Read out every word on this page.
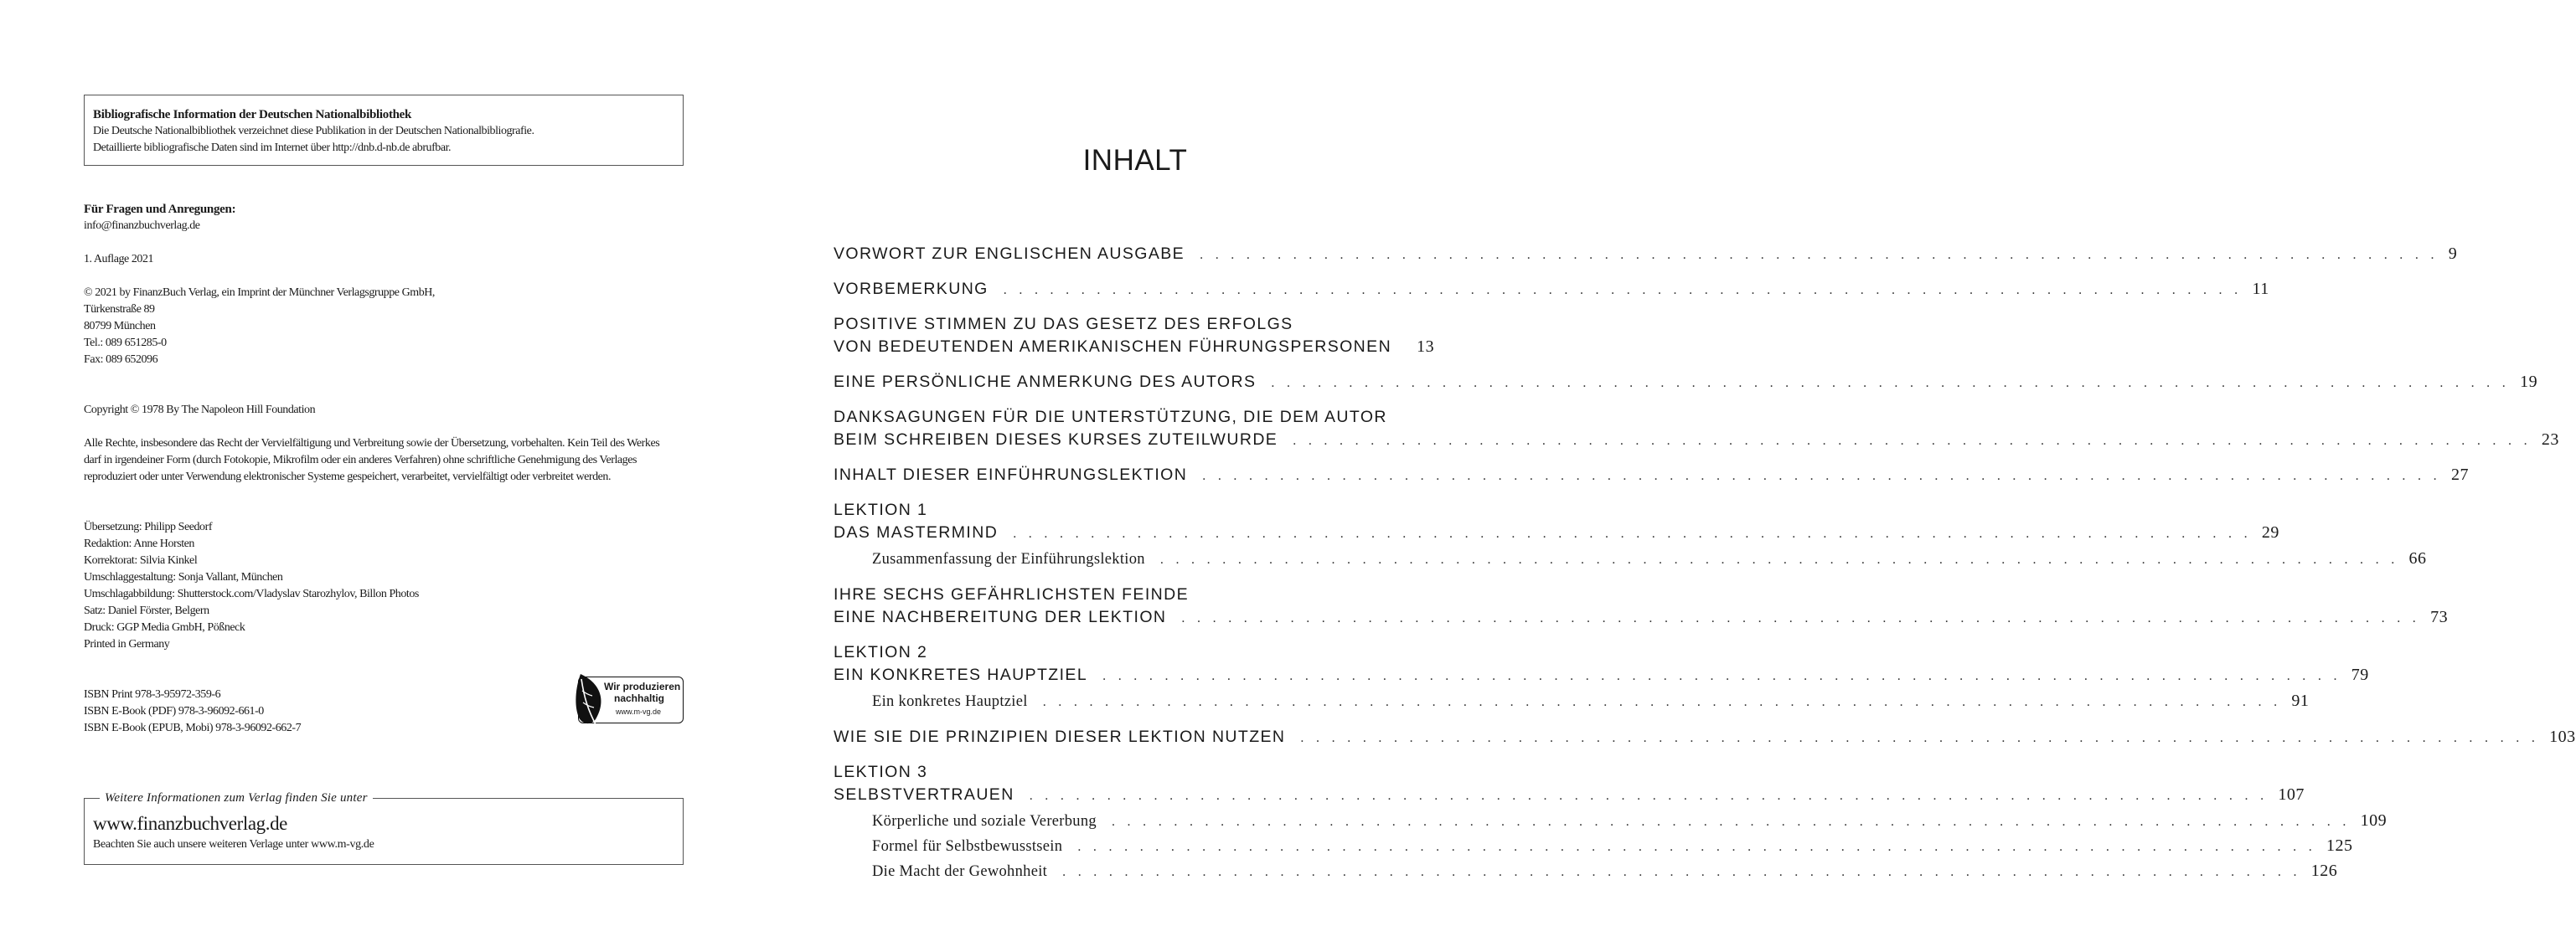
Bibliografische Information der Deutschen Nationalbibliothek
Die Deutsche Nationalbibliothek verzeichnet diese Publikation in der Deutschen Nationalbibliografie.
Detaillierte bibliografische Daten sind im Internet über http://dnb.d-nb.de abrufbar.
Für Fragen und Anregungen:
info@finanzbuchverlag.de
1. Auflage 2021
© 2021 by FinanzBuch Verlag, ein Imprint der Münchner Verlagsgruppe GmbH,
Türkenstraße 89
80799 München
Tel.: 089 651285-0
Fax: 089 652096
Copyright © 1978 By The Napoleon Hill Foundation
Alle Rechte, insbesondere das Recht der Vervielfältigung und Verbreitung sowie der Übersetzung, vorbehalten. Kein Teil des Werkes
darf in irgendeiner Form (durch Fotokopie, Mikrofilm oder ein anderes Verfahren) ohne schriftliche Genehmigung des Verlages
reproduziert oder unter Verwendung elektronischer Systeme gespeichert, verarbeitet, vervielfältigt oder verbreitet werden.
Übersetzung: Philipp Seedorf
Redaktion: Anne Horsten
Korrektorat: Silvia Kinkel
Umschlaggestaltung: Sonja Vallant, München
Umschlagabbildung: Shutterstock.com/Vladyslav Starozhylov, Billon Photos
Satz: Daniel Förster, Belgern
Druck: GGP Media GmbH, Pößneck
Printed in Germany
ISBN Print 978-3-95972-359-6
ISBN E-Book (PDF) 978-3-96092-661-0
ISBN E-Book (EPUB, Mobi) 978-3-96092-662-7
Wir produzieren
nachhaltig
www.m-vg.de
Weitere Informationen zum Verlag finden Sie unter
www.finanzbuchverlag.de
Beachten Sie auch unsere weiteren Verlage unter www.m-vg.de
INHALT
VORWORT ZUR ENGLISCHEN AUSGABE . . . . . . . . . . . . . . . . . . . . . . . . . . . . . . . . . . . . . . . . . . . . . . . . . . . . . . . . . . . . . . . . . . . . . . . . . . . . . . . . 9
VORBEMERKUNG . . . . . . . . . . . . . . . . . . . . . . . . . . . . . . . . . . . . . . . . . . . . . . . . . . . . . . . . . . . . . . . . . . . . . . . . . . . . . . . . 11
POSITIVE STIMMEN ZU DAS GESETZ DES ERFOLGS
VON BEDEUTENDEN AMERIKANISCHEN FÜHRUNGSPERSONEN 13
EINE PERSÖNLICHE ANMERKUNG DES AUTORS . . . . . . . . . . . . . . . . . . . . . . . . . . . . . . . . . . . . . . . . . . . . . . . . . . . . . . . . . . . . . . . . . . . . . . . . . . . . . . . . 19
DANKSAGUNGEN FÜR DIE UNTERSTÜTZUNG, DIE DEM AUTOR
BEIM SCHREIBEN DIESES KURSES ZUTEILWURDE . . . . . . . . . . . . . . . . . . . . . . . . . . . . . . . . . . . . . . . . . . . . . . . . . . . . . . . . . . . . . . . . . . . . . . . . . . . . . . . . 23
INHALT DIESER EINFÜHRUNGSLEKTION . . . . . . . . . . . . . . . . . . . . . . . . . . . . . . . . . . . . . . . . . . . . . . . . . . . . . . . . . . . . . . . . . . . . . . . . . . . . . . . . 27
LEKTION 1
DAS MASTERMIND . . . . . . . . . . . . . . . . . . . . . . . . . . . . . . . . . . . . . . . . . . . . . . . . . . . . . . . . . . . . . . . . . . . . . . . . . . . . . . . . 29
Zusammenfassung der Einführungslektion . . . . . . . . . . . . . . . . . . . . . . . . . . . . . . . . . . . . . . . . . . . . . . . . . . . . . . . . . . . . . . . . . . . . . . . . . . . . . . . . 66
IHRE SECHS GEFÄHRLICHSTEN FEINDE
EINE NACHBEREITUNG DER LEKTION . . . . . . . . . . . . . . . . . . . . . . . . . . . . . . . . . . . . . . . . . . . . . . . . . . . . . . . . . . . . . . . . . . . . . . . . . . . . . . . . 73
LEKTION 2
EIN KONKRETES HAUPTZIEL . . . . . . . . . . . . . . . . . . . . . . . . . . . . . . . . . . . . . . . . . . . . . . . . . . . . . . . . . . . . . . . . . . . . . . . . . . . . . . . . 79
Ein konkretes Hauptziel . . . . . . . . . . . . . . . . . . . . . . . . . . . . . . . . . . . . . . . . . . . . . . . . . . . . . . . . . . . . . . . . . . . . . . . . . . . . . . . . 91
WIE SIE DIE PRINZIPIEN DIESER LEKTION NUTZEN . . . . . . . . . . . . . . . . . . . . . . . . . . . . . . . . . . . . . . . . . . . . . . . . . . . . . . . . . . . . . . . . . . . . . . . . . . . . . . . . 103
LEKTION 3
SELBSTVERTRAUEN . . . . . . . . . . . . . . . . . . . . . . . . . . . . . . . . . . . . . . . . . . . . . . . . . . . . . . . . . . . . . . . . . . . . . . . . . . . . . . . . 107
Körperliche und soziale Vererbung . . . . . . . . . . . . . . . . . . . . . . . . . . . . . . . . . . . . . . . . . . . . . . . . . . . . . . . . . . . . . . . . . . . . . . . . . . . . . . . . 109
Formel für Selbstbewusstsein . . . . . . . . . . . . . . . . . . . . . . . . . . . . . . . . . . . . . . . . . . . . . . . . . . . . . . . . . . . . . . . . . . . . . . . . . . . . . . . . 125
Die Macht der Gewohnheit . . . . . . . . . . . . . . . . . . . . . . . . . . . . . . . . . . . . . . . . . . . . . . . . . . . . . . . . . . . . . . . . . . . . . . . . . . . . . . . . 126
